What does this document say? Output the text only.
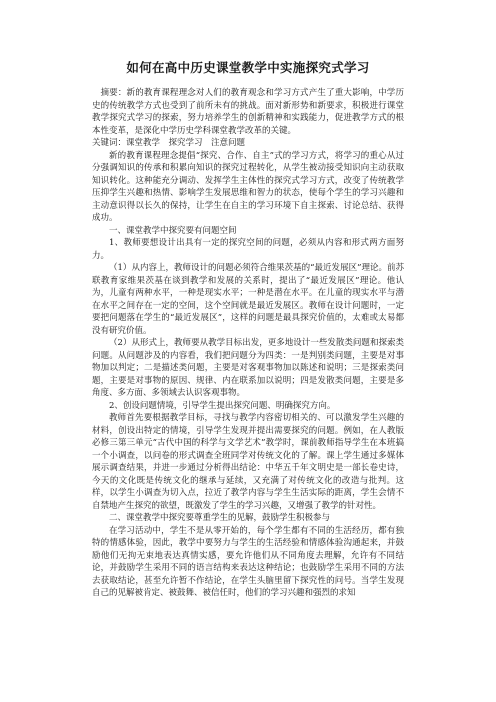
如何在高中历史课堂教学中实施探究式学习

摘要：新的教育课程理念对人们的教育观念和学习方式产生了重大影响，中学历史的传统教学方式也受到了前所未有的挑战。面对新形势和新要求，积极进行课堂教学探究式学习的探索，努力培养学生的创新精神和实践能力，促进教学方式的根本性变革，是深化中学历史学科课堂教学改革的关键。

关键词：课堂教学　探究学习　注意问题

新的教育课程理念提倡“探究、合作、自主”式的学习方式，将学习的重心从过分强调知识的传承和积累向知识的探究过程转化，从学生被动接受知识向主动获取知识转化。这种能充分调动、发挥学生主体性的探究式学习方式，改变了传统教学压抑学生兴趣和热情、影响学生发展思维和智力的状态，使每个学生的学习兴趣和主动意识得以长久的保持，让学生在自主的学习环境下自主探索、讨论总结、获得成功。

一、课堂教学中探究要有问题空间

1、教师要想设计出具有一定的探究空间的问题，必须从内容和形式两方面努力。

（1）从内容上，教师设计的问题必须符合维果茨基的“最近发展区”理论。前苏联教育家维果茨基在谈到教学和发展的关系时，提出了“最近发展区”理论。他认为，儿童有两种水平，一种是现实水平；一种是潜在水平。在儿童的现实水平与潜在水平之间存在一定的空间，这个空间就是最近发展区。教师在设计问题时，一定要把问题落在学生的“最近发展区”，这样的问题是最具探究价值的，太难或太易都没有研究价值。

（2）从形式上，教师要从教学目标出发，更多地设计一些发散类问题和探索类问题。从问题涉及的内容看，我们把问题分为四类：一是判别类问题，主要是对事物加以判定；二是描述类问题，主要是对客观事物加以陈述和说明；三是探索类问题，主要是对事物的原因、规律、内在联系加以说明；四是发散类问题，主要是多角度、多方面、多领域去认识客观事物。

2、创设问题情境，引导学生提出探究问题、明确探究方向。

教师首先要根据教学目标，寻找与教学内容密切相关的、可以激发学生兴趣的材料，创设出特定的情境，引导学生发现并提出需要探究的问题。例如，在人教版必修三第三单元“古代中国的科学与文学艺术”教学时，课前教师指导学生在本班搞一个小调查，以问卷的形式调查全班同学对传统文化的了解。课上学生通过多媒体展示调查结果，并进一步通过分析得出结论：中华五千年文明史是一部长卷史诗，今天的文化既是传统文化的继承与延续，又充满了对传统文化的改造与批判。这样，以学生小调查为切入点，拉近了教学内容与学生生活实际的距离，学生会情不自禁地产生探究的欲望，既激发了学生的学习兴趣，又增强了教学的针对性。

二、课堂教学中探究要尊重学生的见解，鼓励学生积极参与

在学习活动中，学生不是从零开始的，每个学生都有不同的生活经历，都有独特的情感体验，因此，教学中要努力与学生的生活经验和情感体验沟通起来，并鼓励他们无拘无束地表达真情实感，要允许他们从不同角度去理解，允许有不同结论，并鼓励学生采用不同的语言结构来表达这种结论；也鼓励学生采用不同的方法去获取结论，甚至允许暂不作结论，在学生头脑里留下探究性的问号。当学生发现自己的见解被肯定、被鼓舞、被信任时，他们的学习兴趣和强烈的求知
